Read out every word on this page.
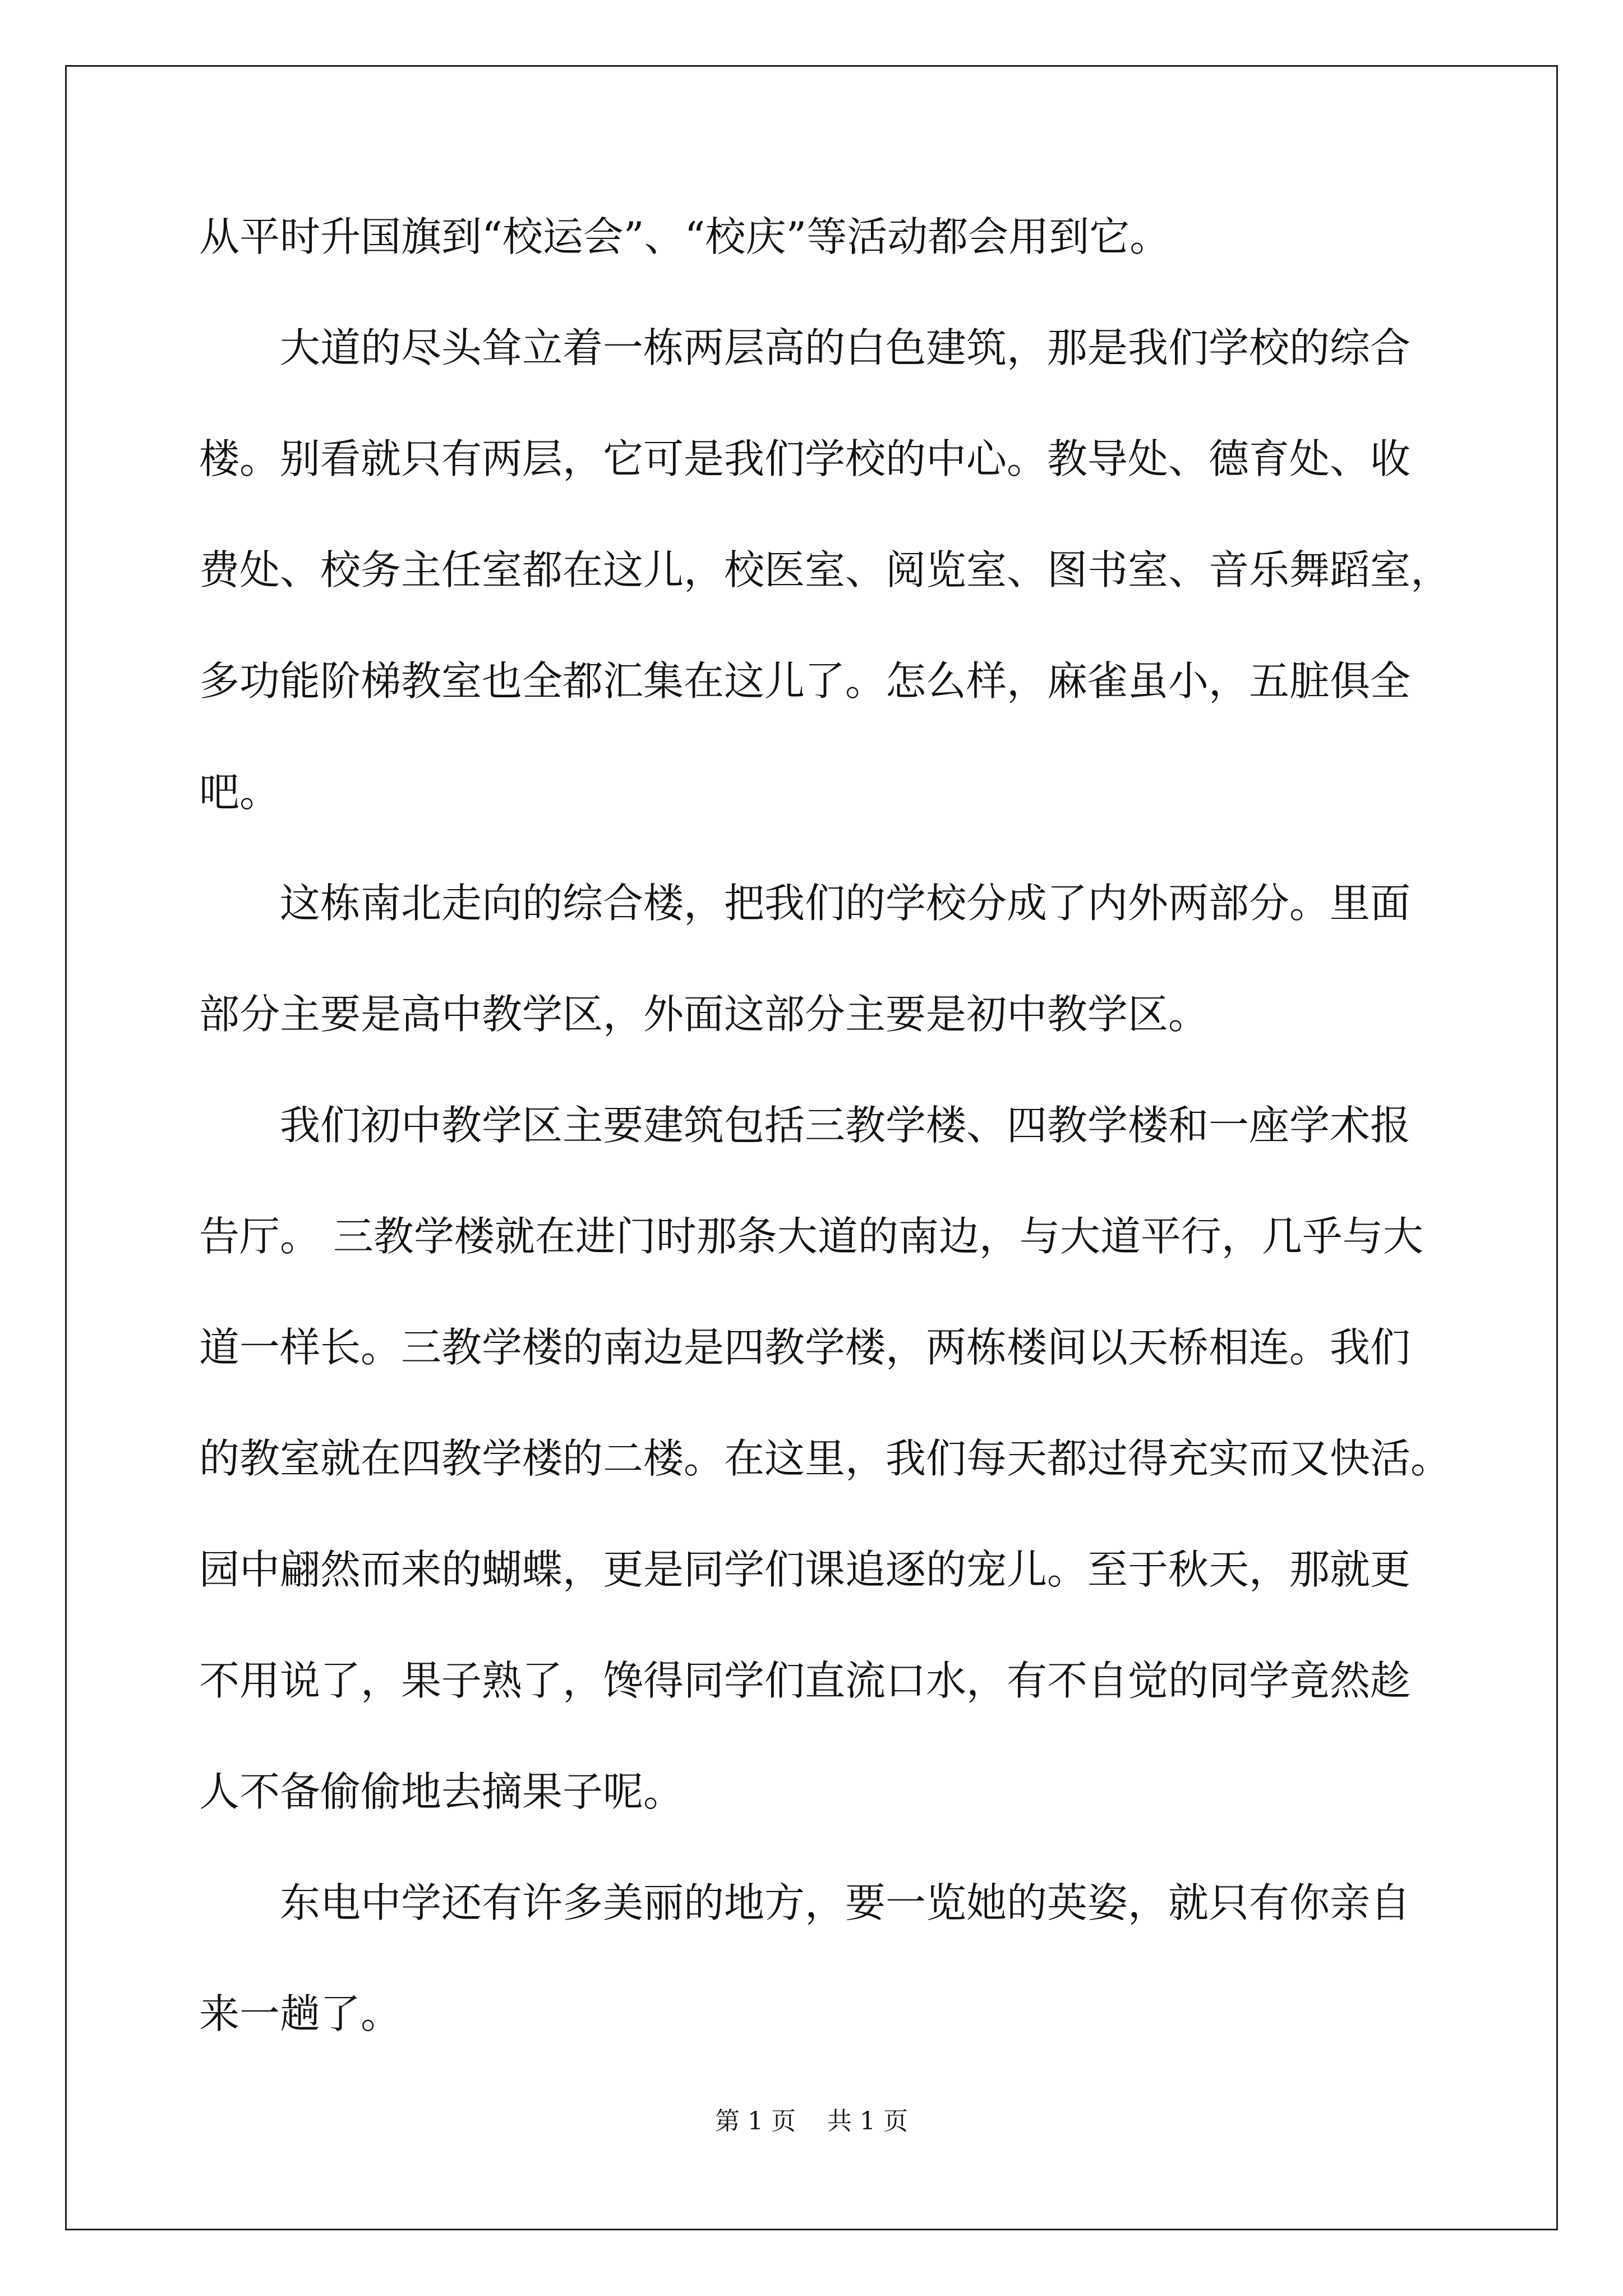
从平时升国旗到“校运会”、“校庆”等活动都会用到它。
大道的尽头耸立着一栋两层高的白色建筑，那是我们学校的综合
楼。别看就只有两层，它可是我们学校的中心。教导处、德育处、收
费处、校务主任室都在这儿，校医室、阅览室、图书室、音乐舞蹈室，
多功能阶梯教室也全都汇集在这儿了。怎么样，麻雀虽小，五脏俱全
吧。
这栋南北走向的综合楼，把我们的学校分成了内外两部分。里面
部分主要是高中教学区，外面这部分主要是初中教学区。
我们初中教学区主要建筑包括三教学楼、四教学楼和一座学术报
告厅。 三教学楼就在进门时那条大道的南边，与大道平行，几乎与大
道一样长。三教学楼的南边是四教学楼，两栋楼间以天桥相连。我们
的教室就在四教学楼的二楼。在这里，我们每天都过得充实而又快活。
园中翩然而来的蝴蝶，更是同学们课追逐的宠儿。至于秋天，那就更
不用说了，果子熟了，馋得同学们直流口水，有不自觉的同学竟然趁
人不备偷偷地去摘果子呢。
东电中学还有许多美丽的地方，要一览她的英姿，就只有你亲自
来一趟了。
第 1 页 共 1 页
